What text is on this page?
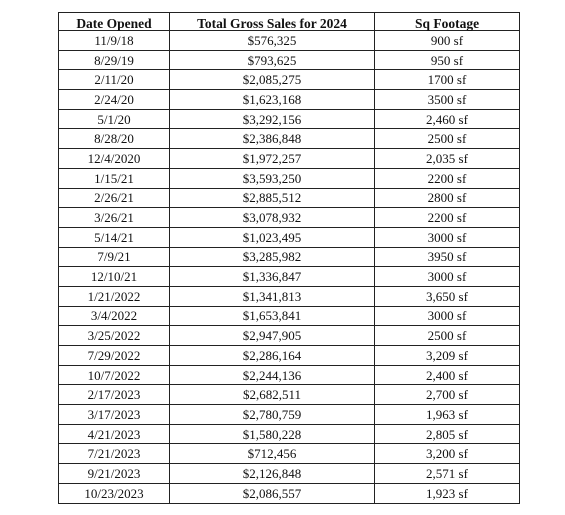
Date Opened	Total Gross Sales for 2024	Sq Footage
11/9/18	$576,325	900 sf
8/29/19	$793,625	950 sf
2/11/20	$2,085,275	1700 sf
2/24/20	$1,623,168	3500 sf
5/1/20	$3,292,156	2,460 sf
8/28/20	$2,386,848	2500 sf
12/4/2020	$1,972,257	2,035 sf
1/15/21	$3,593,250	2200 sf
2/26/21	$2,885,512	2800 sf
3/26/21	$3,078,932	2200 sf
5/14/21	$1,023,495	3000 sf
7/9/21	$3,285,982	3950 sf
12/10/21	$1,336,847	3000 sf
1/21/2022	$1,341,813	3,650 sf
3/4/2022	$1,653,841	3000 sf
3/25/2022	$2,947,905	2500 sf
7/29/2022	$2,286,164	3,209 sf
10/7/2022	$2,244,136	2,400 sf
2/17/2023	$2,682,511	2,700 sf
3/17/2023	$2,780,759	1,963 sf
4/21/2023	$1,580,228	2,805 sf
7/21/2023	$712,456	3,200 sf
9/21/2023	$2,126,848	2,571 sf
10/23/2023	$2,086,557	1,923 sf
